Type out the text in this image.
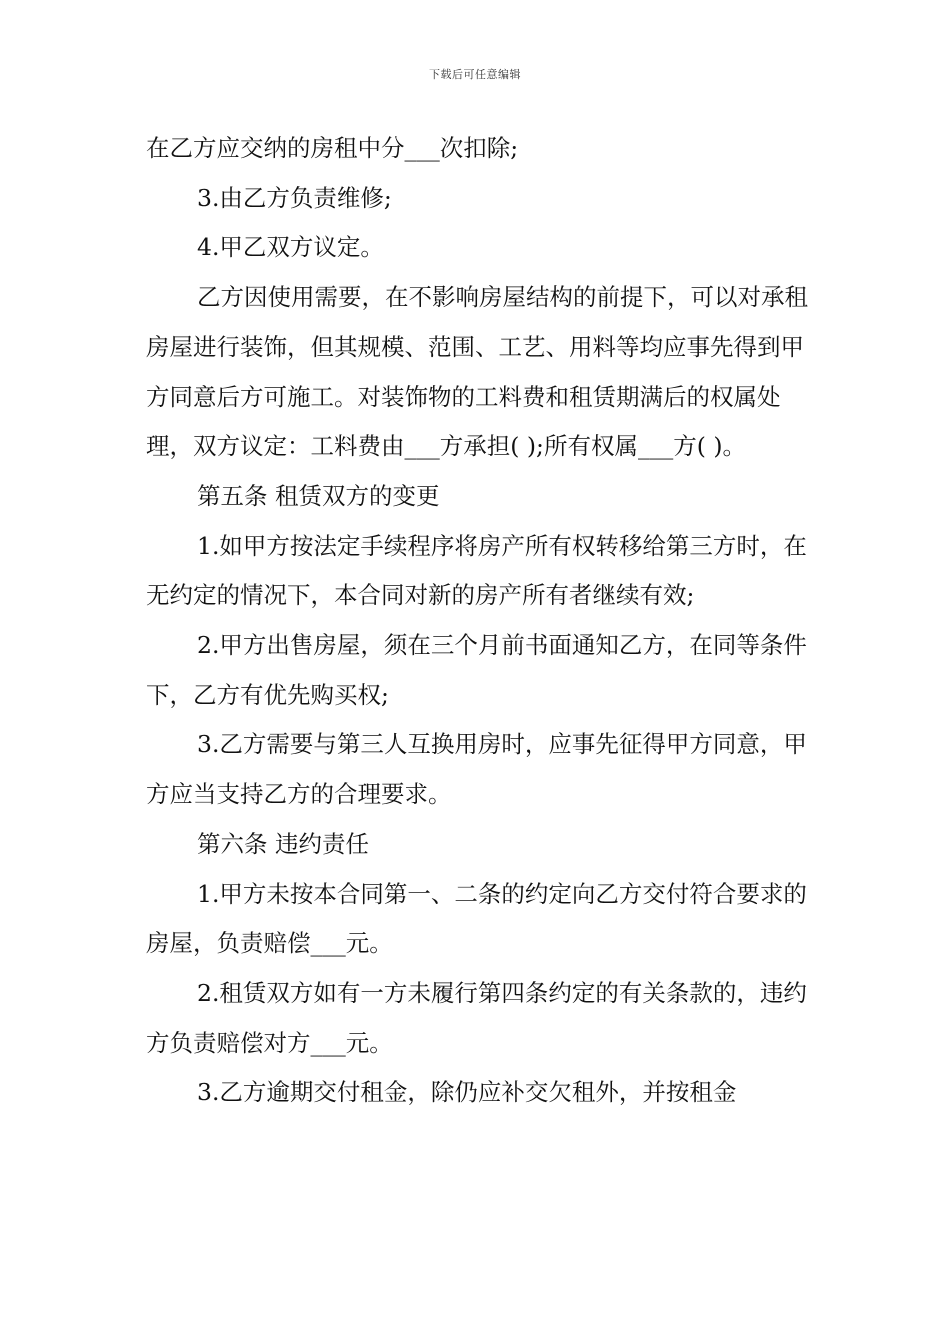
下载后可任意编辑

在乙方应交纳的房租中分___次扣除;

3.由乙方负责维修;

4.甲乙双方议定。

乙方因使用需要，在不影响房屋结构的前提下，可以对承租房屋进行装饰，但其规模、范围、工艺、用料等均应事先得到甲方同意后方可施工。对装饰物的工料费和租赁期满后的权属处理，双方议定：工料费由___方承担( );所有权属___方( )。

第五条 租赁双方的变更

1.如甲方按法定手续程序将房产所有权转移给第三方时，在无约定的情况下，本合同对新的房产所有者继续有效;

2.甲方出售房屋，须在三个月前书面通知乙方，在同等条件下，乙方有优先购买权;

3.乙方需要与第三人互换用房时，应事先征得甲方同意，甲方应当支持乙方的合理要求。

第六条 违约责任

1.甲方未按本合同第一、二条的约定向乙方交付符合要求的房屋，负责赔偿___元。

2.租赁双方如有一方未履行第四条约定的有关条款的，违约方负责赔偿对方___元。

3.乙方逾期交付租金，除仍应补交欠租外，并按租金
